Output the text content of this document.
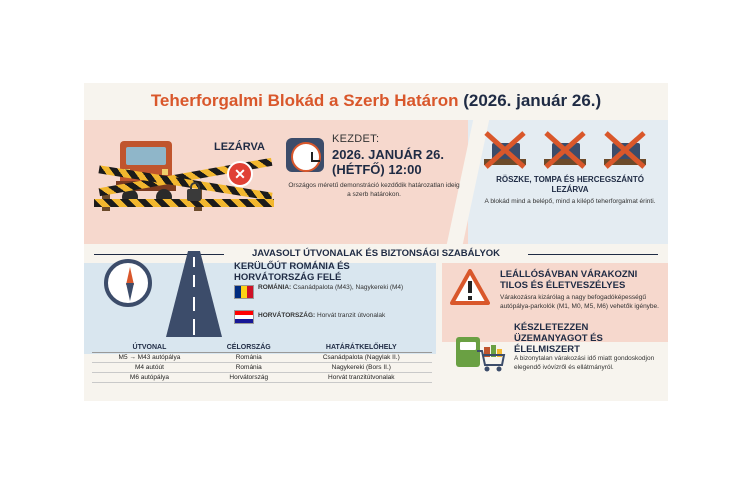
Teherforgalmi Blokád a Szerb Határon (2026. január 26.)
LEZÁRVA
✕
KEZDET:
2026. JANUÁR 26. (HÉTFŐ) 12:00
Országos méretű demonstráció kezdődik határozatlan ideig a szerb határokon.
RÖSZKE, TOMPA ÉS HERCEGSZÁNTÓ LEZÁRVA
A blokád mind a belépő, mind a kilépő teherforgalmat érinti.
JAVASOLT ÚTVONALAK ÉS BIZTONSÁGI SZABÁLYOK
KERÜLŐÚT ROMÁNIA ÉS HORVÁTORSZÁG FELÉ
ROMÁNIA: Csanádpalota (M43), Nagykereki (M4)
HORVÁTORSZÁG: Horvát tranzit útvonalak
ÚTVONAL	CÉLORSZÁG	HATÁRÁTKELŐHELY
M5 → M43 autópálya	Románia	Csanádpalota (Nagylak II.)
M4 autóút	Románia	Nagykereki (Bors II.)
M6 autópálya	Horvátország	Horvát tranzitútvonalak
LEÁLLÓSÁVBAN VÁRAKOZNI TILOS ÉS ÉLETVESZÉLYES
Várakozásra kizárólag a nagy befogadóképességű autópálya-parkolók (M1, M0, M5, M6) vehetők igénybe.
KÉSZLETEZZEN ÜZEMANYAGOT ÉS ÉLELMISZERT
A bizonytalan várakozási idő miatt gondoskodjon elegendő ivóvízről és ellátmányról.
